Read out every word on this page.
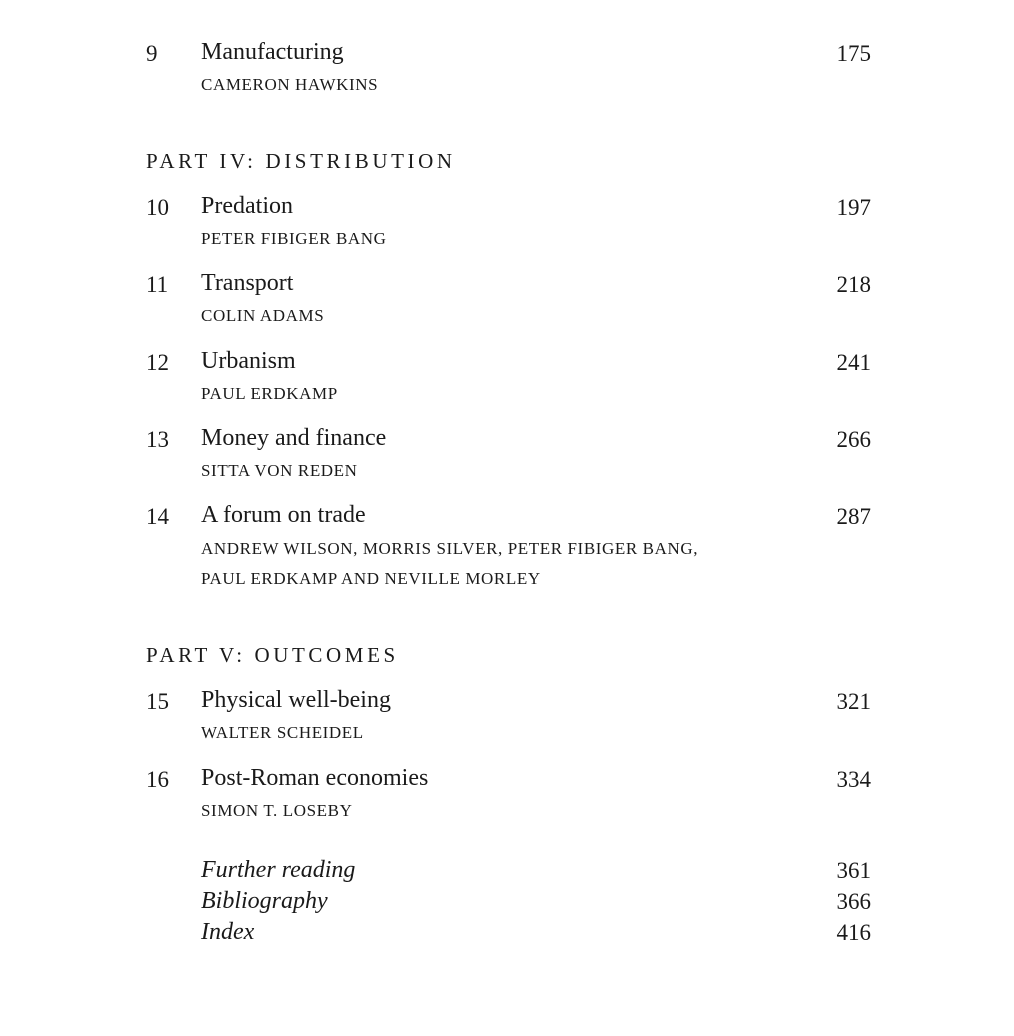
9	Manufacturing	175
CAMERON HAWKINS
PART IV: DISTRIBUTION
10	Predation	197
PETER FIBIGER BANG
11	Transport	218
COLIN ADAMS
12	Urbanism	241
PAUL ERDKAMP
13	Money and finance	266
SITTA VON REDEN
14	A forum on trade	287
ANDREW WILSON, MORRIS SILVER, PETER FIBIGER BANG,
PAUL ERDKAMP AND NEVILLE MORLEY
PART V: OUTCOMES
15	Physical well-being	321
WALTER SCHEIDEL
16	Post-Roman economies	334
SIMON T. LOSEBY
Further reading	361
Bibliography	366
Index	416
